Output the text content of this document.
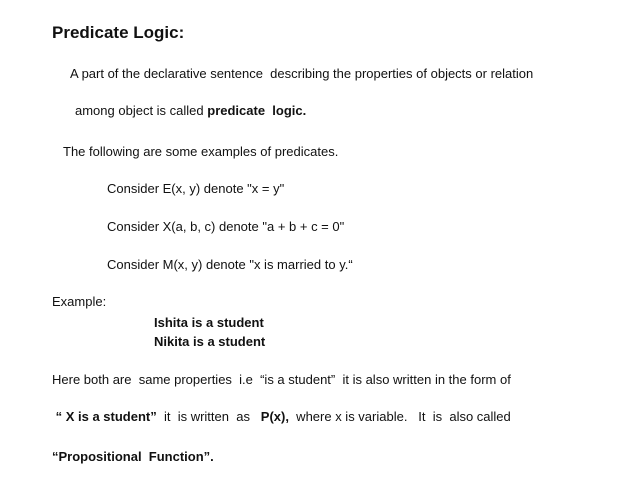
Predicate Logic:
A part of the declarative sentence  describing the properties of objects or relation
among object is called predicate  logic.
The following are some examples of predicates.
Consider E(x, y) denote "x = y"
Consider X(a, b, c) denote "a + b + c = 0"
Consider M(x, y) denote "x is married to y.“
Example:
Ishita is a student
Nikita is a student
Here both are  same properties  i.e  “is a student”  it is also written in the form of
“ X is a student”  it  is written  as   P(x),  where x is variable.   It  is  also called
“Propositional  Function”.
